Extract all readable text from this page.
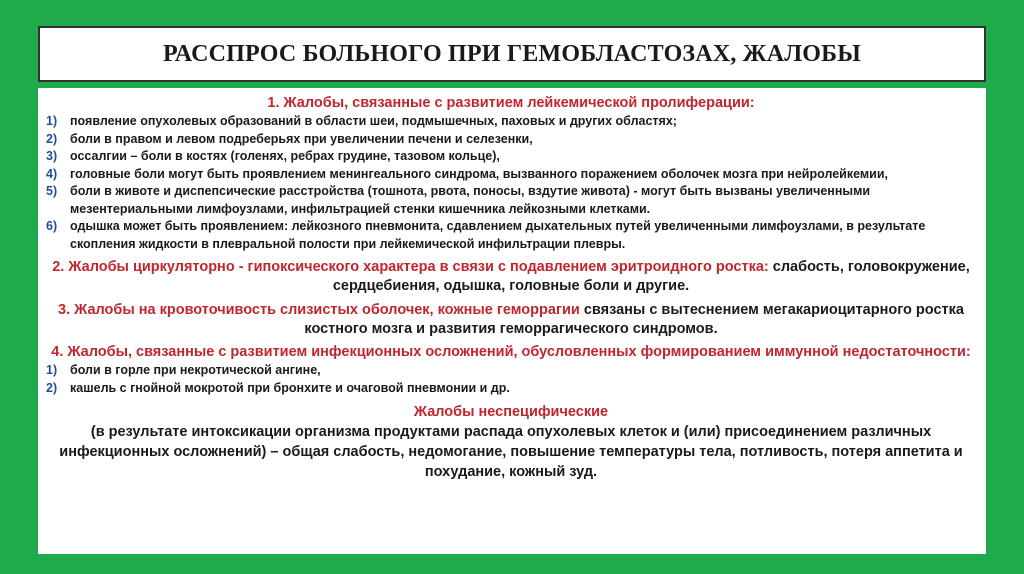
РАССПРОС БОЛЬНОГО ПРИ ГЕМОБЛАСТОЗАХ, ЖАЛОБЫ
1. Жалобы, связанные с развитием лейкемической пролиферации:
1)	появление опухолевых образований в области шеи, подмышечных, паховых и других областях;
2)	боли в правом и левом подреберьях при увеличении печени и селезенки,
3)	оссалгии – боли в костях (голенях, ребрах грудине, тазовом кольце),
4)	головные боли могут быть проявлением менингеального синдрома, вызванного поражением оболочек мозга при нейролейкемии,
5)	боли в животе и диспепсические расстройства (тошнота, рвота, поносы, вздутие живота) - могут быть вызваны увеличенными мезентериальными лимфоузлами, инфильтрацией стенки кишечника лейкозными клетками.
6)	одышка может быть проявлением: лейкозного пневмонита, сдавлением дыхательных путей увеличенными лимфоузлами, в результате скопления жидкости в плевральной полости при лейкемической инфильтрации плевры.
2. Жалобы циркуляторно - гипоксического характера в связи с подавлением эритроидного ростка: слабость, головокружение, сердцебиения, одышка, головные боли и другие.
3. Жалобы на кровоточивость слизистых оболочек, кожные геморрагии связаны с вытеснением мегакариоцитарного ростка костного мозга и развития геморрагического синдромов.
4. Жалобы, связанные с развитием инфекционных осложнений, обусловленных формированием иммунной недостаточности:
1)	боли в горле при некротической ангине,
2)	кашель с гнойной мокротой при бронхите и очаговой пневмонии и др.
Жалобы неспецифические
(в результате интоксикации организма продуктами распада опухолевых клеток и (или) присоединением различных инфекционных осложнений) – общая слабость, недомогание, повышение температуры тела, потливость, потеря аппетита и похудание, кожный зуд.
